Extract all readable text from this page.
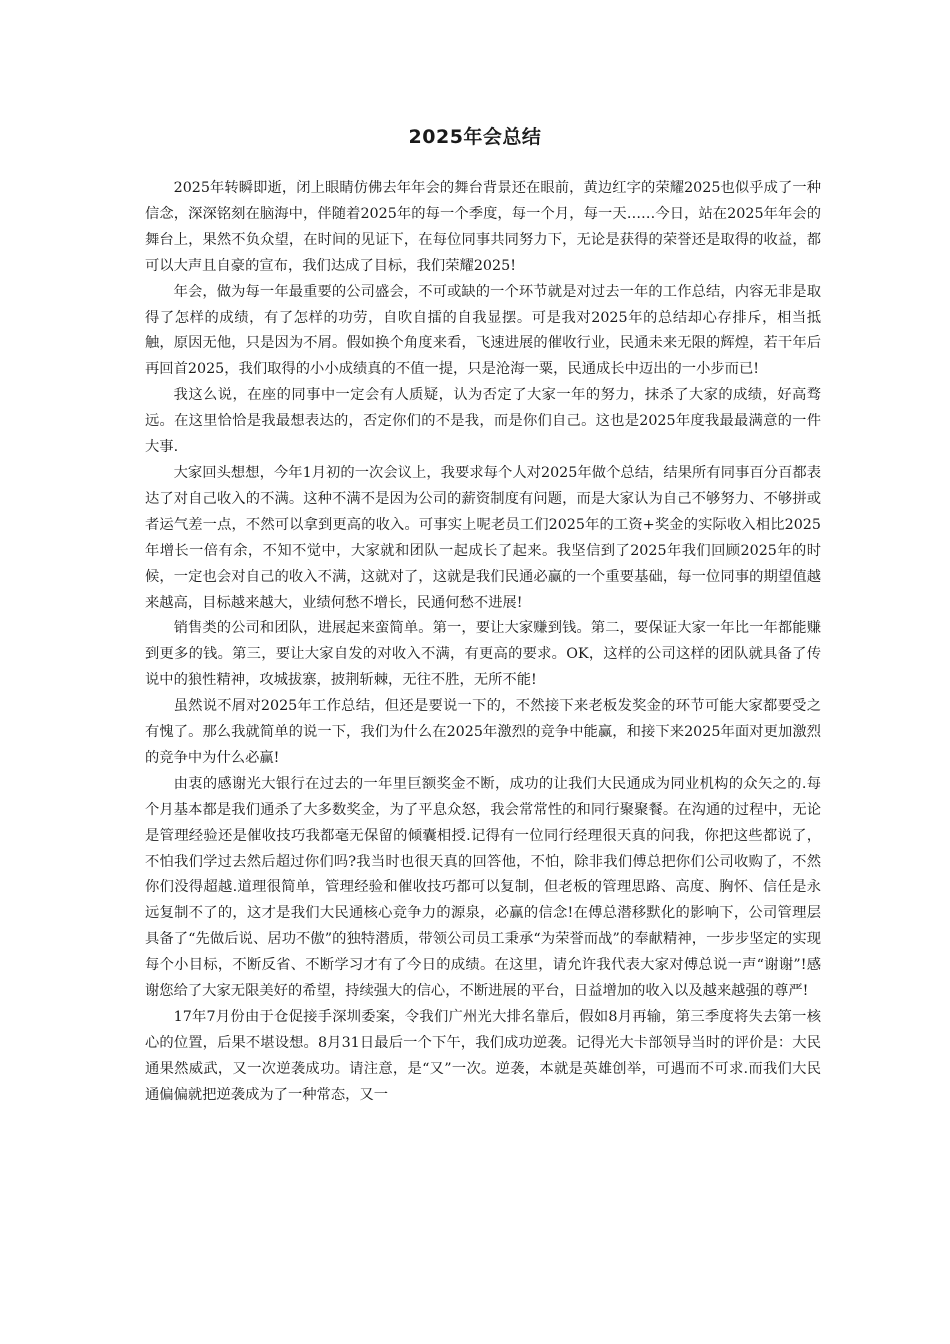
2025年会总结

2025年转瞬即逝，闭上眼睛仿佛去年年会的舞台背景还在眼前，黄边红字的荣耀2025也似乎成了一种信念，深深铭刻在脑海中，伴随着2025年的每一个季度，每一个月，每一天……今日，站在2025年年会的舞台上，果然不负众望，在时间的见证下，在每位同事共同努力下，无论是获得的荣誉还是取得的收益，都可以大声且自豪的宣布，我们达成了目标，我们荣耀2025!

年会，做为每一年最重要的公司盛会，不可或缺的一个环节就是对过去一年的工作总结，内容无非是取得了怎样的成绩，有了怎样的功劳，自吹自擂的自我显摆。可是我对2025年的总结却心存排斥，相当抵触，原因无他，只是因为不屑。假如换个角度来看，飞速进展的催收行业，民通未来无限的辉煌，若干年后再回首2025，我们取得的小小成绩真的不值一提，只是沧海一粟，民通成长中迈出的一小步而已!

我这么说，在座的同事中一定会有人质疑，认为否定了大家一年的努力，抹杀了大家的成绩，好高骛远。在这里恰恰是我最想表达的，否定你们的不是我，而是你们自己。这也是2025年度我最最满意的一件大事.

大家回头想想，今年1月初的一次会议上，我要求每个人对2025年做个总结，结果所有同事百分百都表达了对自己收入的不满。这种不满不是因为公司的薪资制度有问题，而是大家认为自己不够努力、不够拼或者运气差一点，不然可以拿到更高的收入。可事实上呢老员工们2025年的工资+奖金的实际收入相比2025年增长一倍有余，不知不觉中，大家就和团队一起成长了起来。我坚信到了2025年我们回顾2025年的时候，一定也会对自己的收入不满，这就对了，这就是我们民通必赢的一个重要基础，每一位同事的期望值越来越高，目标越来越大，业绩何愁不增长，民通何愁不进展!

销售类的公司和团队，进展起来蛮简单。第一，要让大家赚到钱。第二，要保证大家一年比一年都能赚到更多的钱。第三，要让大家自发的对收入不满，有更高的要求。OK，这样的公司这样的团队就具备了传说中的狼性精神，攻城拔寨，披荆斩棘，无往不胜，无所不能!

虽然说不屑对2025年工作总结，但还是要说一下的，不然接下来老板发奖金的环节可能大家都要受之有愧了。那么我就简单的说一下，我们为什么在2025年激烈的竞争中能赢，和接下来2025年面对更加激烈的竞争中为什么必赢!

由衷的感谢光大银行在过去的一年里巨额奖金不断，成功的让我们大民通成为同业机构的众矢之的.每个月基本都是我们通杀了大多数奖金，为了平息众怒，我会常常性的和同行聚聚餐。在沟通的过程中，无论是管理经验还是催收技巧我都毫无保留的倾囊相授.记得有一位同行经理很天真的问我，你把这些都说了，不怕我们学过去然后超过你们吗?我当时也很天真的回答他，不怕，除非我们傅总把你们公司收购了，不然你们没得超越.道理很简单，管理经验和催收技巧都可以复制，但老板的管理思路、高度、胸怀、信任是永远复制不了的，这才是我们大民通核心竞争力的源泉，必赢的信念!在傅总潜移默化的影响下，公司管理层具备了“先做后说、居功不傲”的独特潜质，带领公司员工秉承“为荣誉而战”的奉献精神，一步步坚定的实现每个小目标，不断反省、不断学习才有了今日的成绩。在这里，请允许我代表大家对傅总说一声“谢谢”!感谢您给了大家无限美好的希望，持续强大的信心，不断进展的平台，日益增加的收入以及越来越强的尊严!

17年7月份由于仓促接手深圳委案，令我们广州光大排名靠后，假如8月再输，第三季度将失去第一核心的位置，后果不堪设想。8月31日最后一个下午，我们成功逆袭。记得光大卡部领导当时的评价是：大民通果然威武，又一次逆袭成功。请注意，是“又”一次。逆袭，本就是英雄创举，可遇而不可求.而我们大民通偏偏就把逆袭成为了一种常态，又一
